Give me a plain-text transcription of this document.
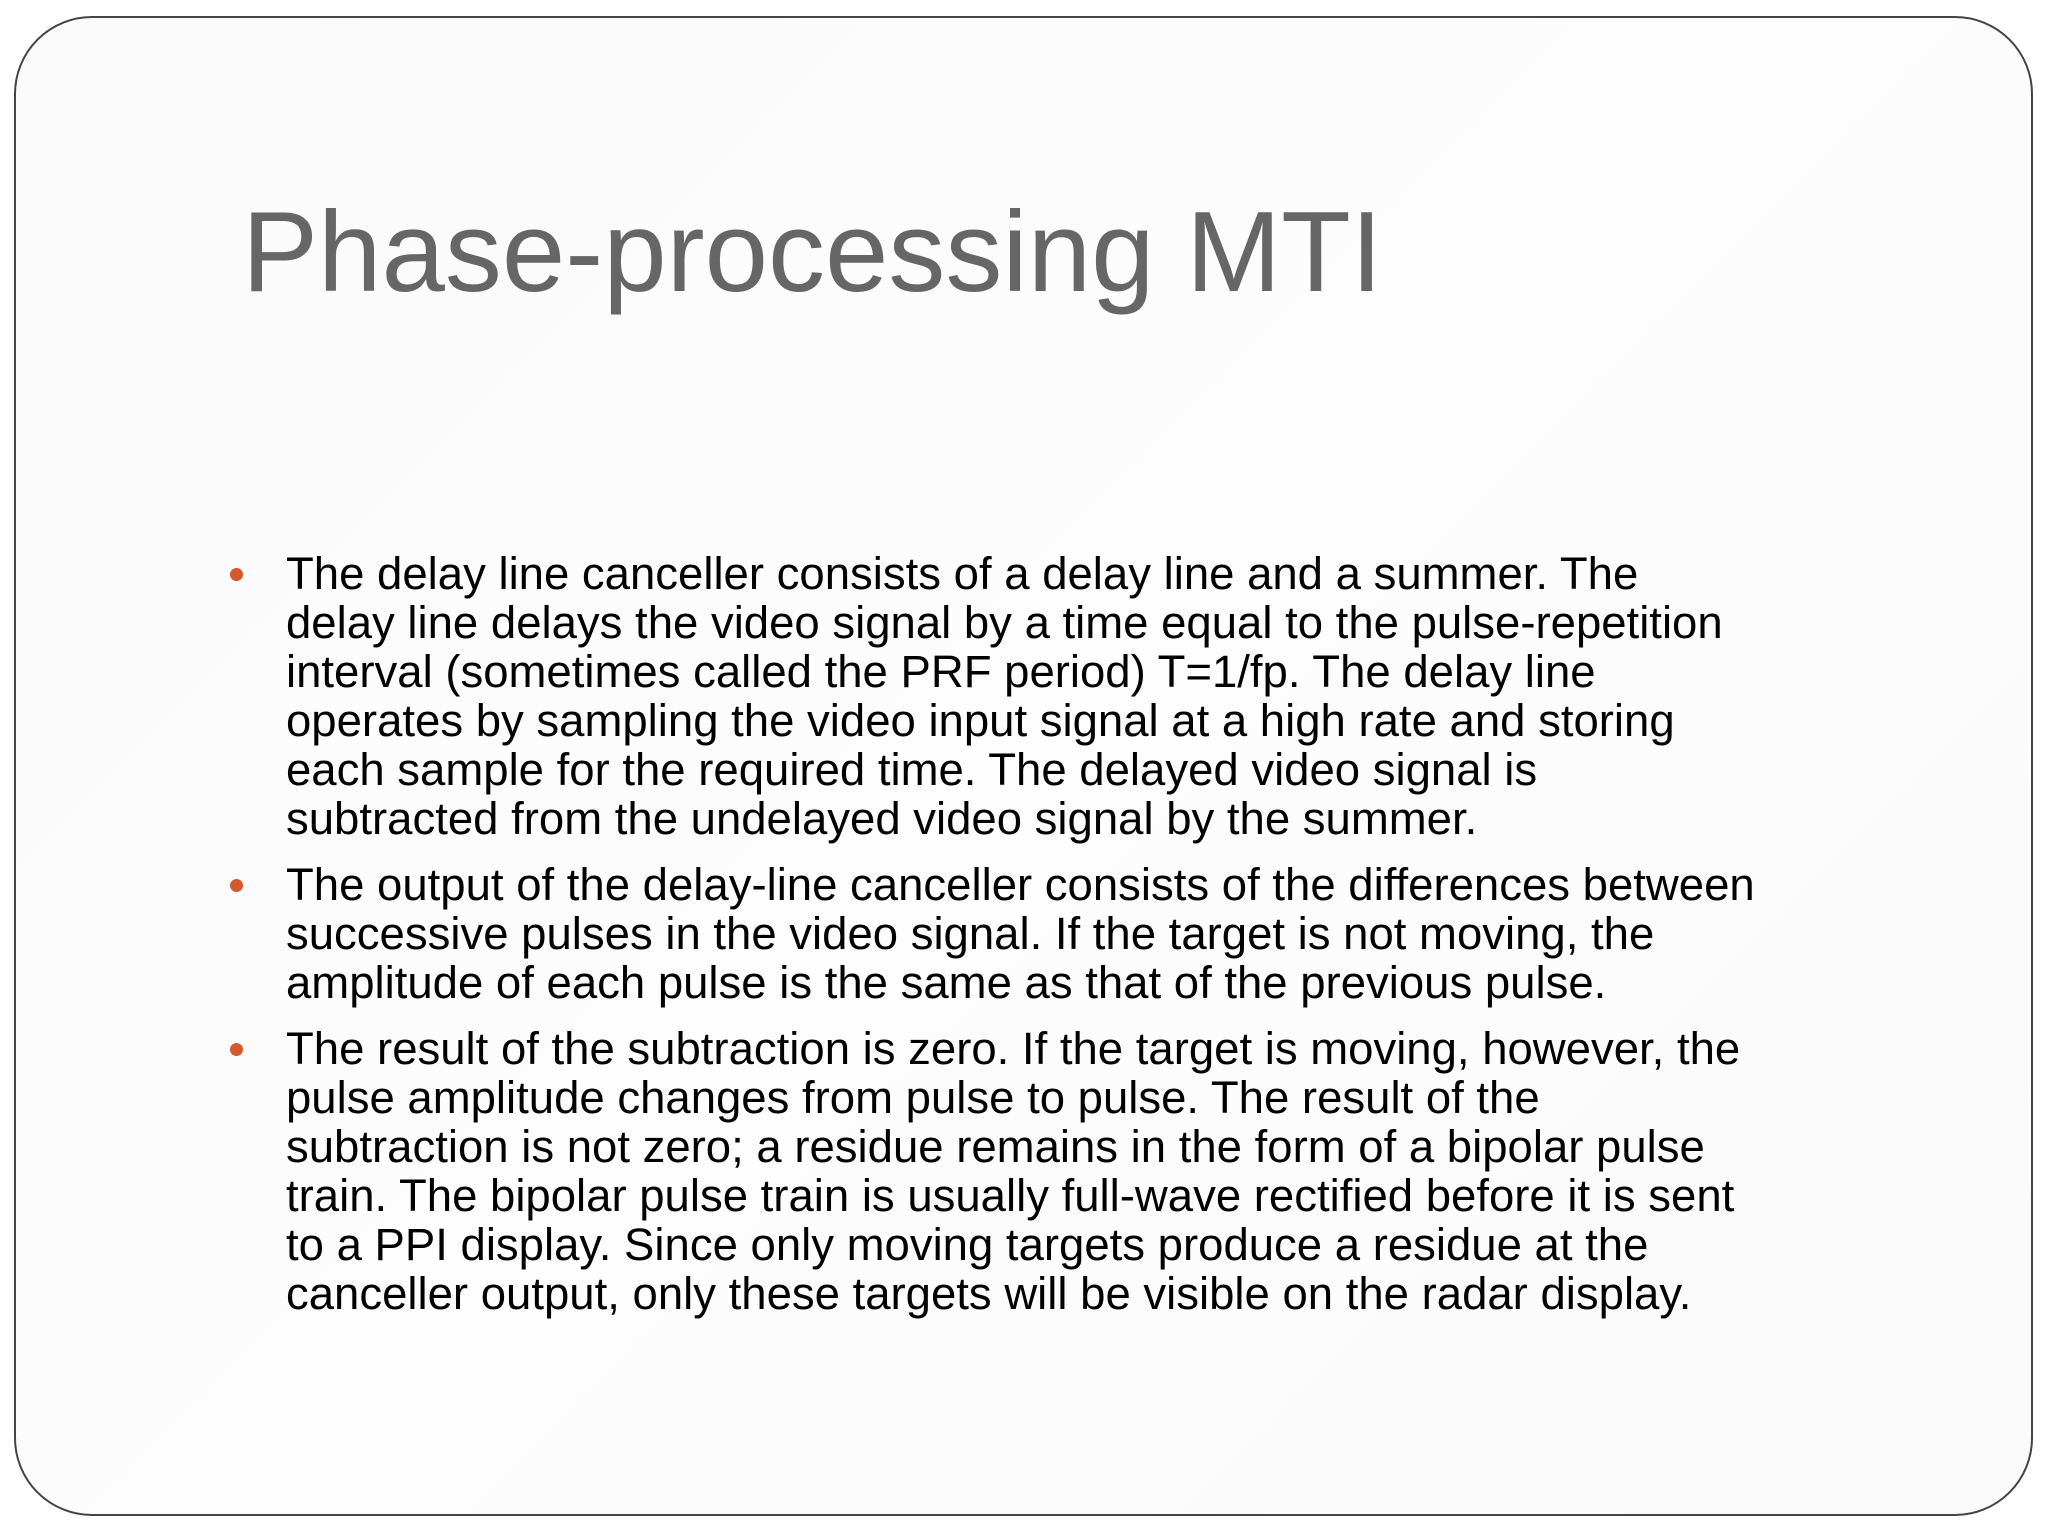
Phase-processing MTI
The delay line canceller consists of a delay line and a summer. The
delay line delays the video signal by a time equal to the pulse-repetition
interval (sometimes called the PRF period) T=1/fp. The delay line
operates by sampling the video input signal at a high rate and storing
each sample for the required time. The delayed video signal is
subtracted from the undelayed video signal by the summer.
The output of the delay-line canceller consists of the differences between
successive pulses in the video signal. If the target is not moving, the
amplitude of each pulse is the same as that of the previous pulse.
The result of the subtraction is zero. If the target is moving, however, the
pulse amplitude changes from pulse to pulse. The result of the
subtraction is not zero; a residue remains in the form of a bipolar pulse
train. The bipolar pulse train is usually full-wave rectified before it is sent
to a PPI display. Since only moving targets produce a residue at the
canceller output, only these targets will be visible on the radar display.
